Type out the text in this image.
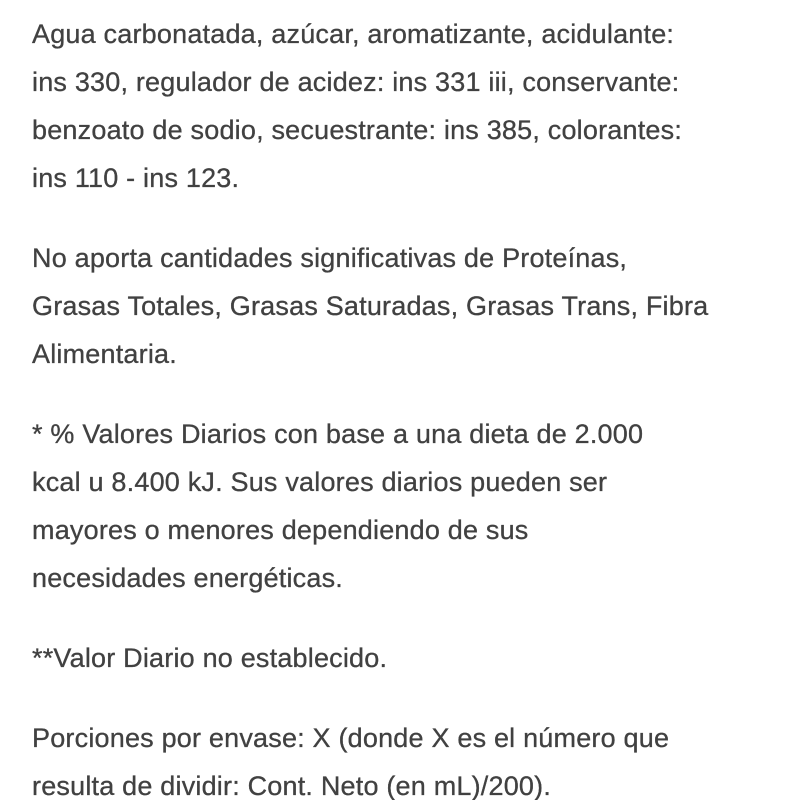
Agua carbonatada, azúcar, aromatizante, acidulante:
ins 330, regulador de acidez: ins 331 iii, conservante:
benzoato de sodio, secuestrante: ins 385, colorantes:
ins 110 - ins 123.
No aporta cantidades significativas de Proteínas,
Grasas Totales, Grasas Saturadas, Grasas Trans, Fibra
Alimentaria.
* % Valores Diarios con base a una dieta de 2.000
kcal u 8.400 kJ. Sus valores diarios pueden ser
mayores o menores dependiendo de sus
necesidades energéticas.
**Valor Diario no establecido.
Porciones por envase: X (donde X es el número que
resulta de dividir: Cont. Neto (en mL)/200).
